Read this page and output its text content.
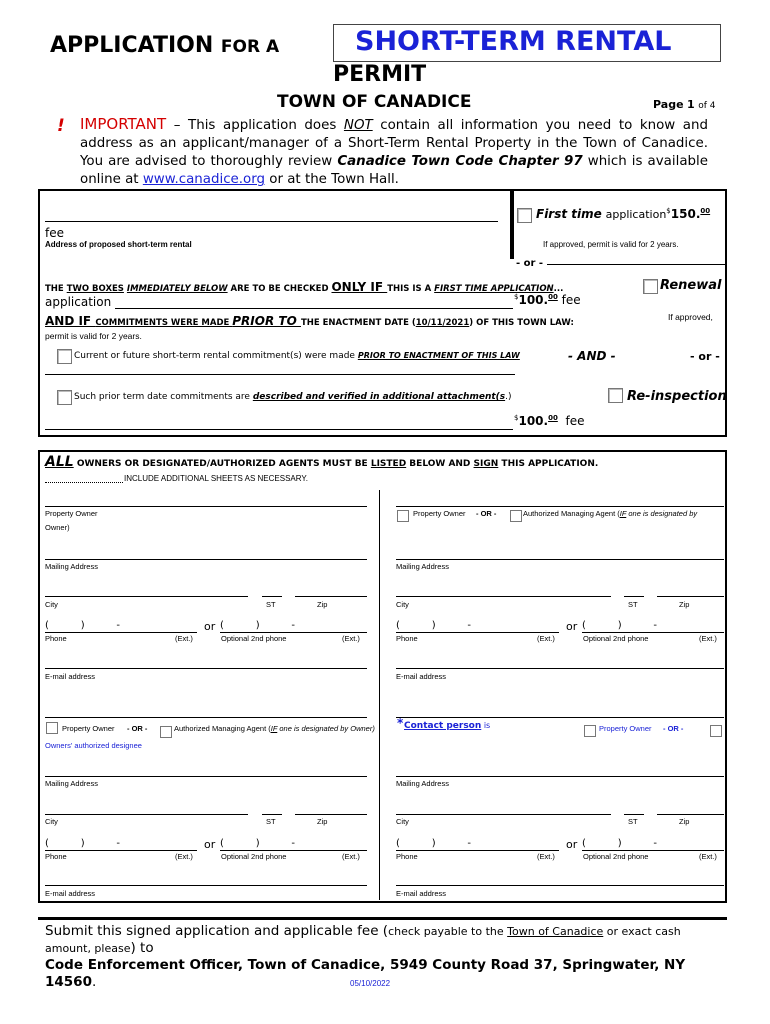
APPLICATION FOR A	SHORT-TERM RENTAL
PERMIT
TOWN OF CANADICE	Page 1 of 4
! IMPORTANT – This application does NOT contain all information you need to know and address as an applicant/manager of a Short-Term Rental Property in the Town of Canadice. You are advised to thoroughly review Canadice Town Code Chapter 97 which is available online at www.canadice.org or at the Town Hall.
fee
Address of proposed short-term rental
First time application$150.00
If approved, permit is valid for 2 years.
- or -
THE TWO BOXES IMMEDIATELY BELOW ARE TO BE CHECKED ONLY IF THIS IS A FIRST TIME APPLICATION...	Renewal
application	$100.00 fee
AND IF COMMITMENTS WERE MADE PRIOR TO THE ENACTMENT DATE (10/11/2021) OF THIS TOWN LAW:
If approved,
permit is valid for 2 years.
Current or future short-term rental commitment(s) were made PRIOR TO ENACTMENT OF THIS LAW	- AND -	- or -
Such prior term date commitments are described and verified in additional attachment(s.)	Re-inspection
$100.00 fee
ALL OWNERS OR DESIGNATED/AUTHORIZED AGENTS MUST BE LISTED BELOW AND SIGN THIS APPLICATION.
INCLUDE ADDITIONAL SHEETS AS NECESSARY.
Property Owner
Owner)
Mailing Address
City	ST	Zip
(          )          -	or (          )          -
Phone	(Ext.)	Optional 2nd phone	(Ext.)
E-mail address
Property Owner - OR -	Authorized Managing Agent (IF one is designated by
Mailing Address
City	ST	Zip
(          )          -	or (          )          -
Phone	(Ext.)	Optional 2nd phone	(Ext.)
E-mail address
Property Owner - OR -	Authorized Managing Agent (IF one is designated by Owner)
Owners' authorized designee
Mailing Address
City	ST	Zip
(          )          -	or (          )          -
Phone	(Ext.)	Optional 2nd phone	(Ext.)
E-mail address
* Contact person is	Property Owner - OR -
Mailing Address
City	ST	Zip
(          )          -	or (          )          -
Phone	(Ext.)	Optional 2nd phone	(Ext.)
E-mail address
Submit this signed application and applicable fee (check payable to the Town of Canadice or exact cash amount, please) to
Code Enforcement Officer, Town of Canadice, 5949 County Road 37, Springwater, NY
14560.	05/10/2022
